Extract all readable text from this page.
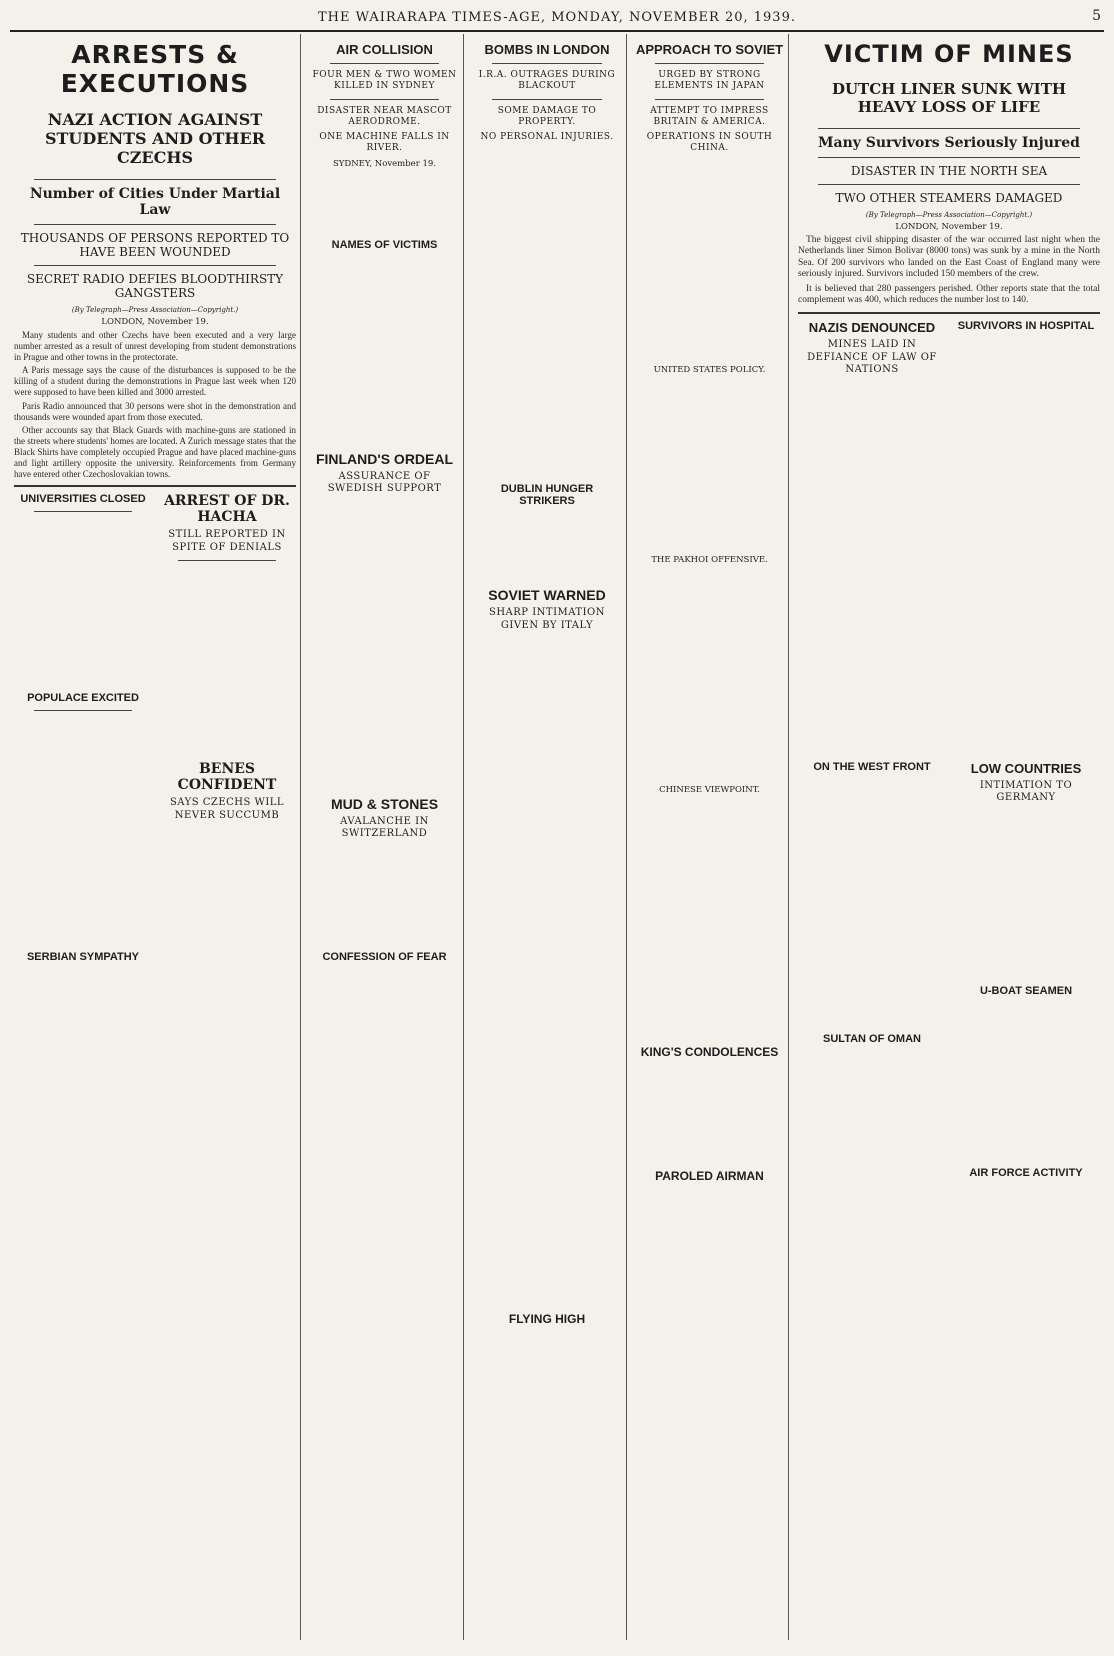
THE WAIRARAPA TIMES-AGE, MONDAY, NOVEMBER 20, 1939.	5
ARRESTS & EXECUTIONS
NAZI ACTION AGAINST STUDENTS AND OTHER CZECHS
Number of Cities Under Martial Law
THOUSANDS OF PERSONS REPORTED TO HAVE BEEN WOUNDED
SECRET RADIO DEFIES BLOODTHIRSTY GANGSTERS
(By Telegraph—Press Association—Copyright.)
LONDON, November 19.

Many students and other Czechs have been executed and a very large number arrested as a result of unrest developing from student demonstrations in Prague and other towns in the protectorate.

A Paris message says the cause of the disturbances is supposed to be the killing of a student during the demonstrations in Prague last week when 120 were supposed to have been killed and 3000 arrested.

Paris Radio announced that 30 persons were shot in the demonstration and thousands were wounded apart from those executed.

Other accounts say that Black Guards with machine-guns are stationed in the streets where students' homes are located. A Zurich message states that the Black Shirts have completely occupied Prague and have placed machine-guns and light artillery opposite the university. Reinforcements from Germany have entered other Czechoslovakian towns.

UNIVERSITIES CLOSED
POPULACE EXCITED
SERBIAN SYMPATHY
ARREST OF DR. HACHA
STILL REPORTED IN SPITE OF DENIALS
BENES CONFIDENT
SAYS CZECHS WILL NEVER SUCCUMB
AIR COLLISION
FOUR MEN & TWO WOMEN KILLED IN SYDNEY
DISASTER NEAR MASCOT AERODROME.
ONE MACHINE FALLS IN RIVER.
SYDNEY, November 19.
NAMES OF VICTIMS
FINLAND'S ORDEAL
ASSURANCE OF SWEDISH SUPPORT
MUD & STONES
AVALANCHE IN SWITZERLAND
CONFESSION OF FEAR
BOMBS IN LONDON
I.R.A. OUTRAGES DURING BLACKOUT
SOME DAMAGE TO PROPERTY.
NO PERSONAL INJURIES.
DUBLIN HUNGER STRIKERS
SOVIET WARNED
SHARP INTIMATION GIVEN BY ITALY
FLYING HIGH
APPROACH TO SOVIET
URGED BY STRONG ELEMENTS IN JAPAN
ATTEMPT TO IMPRESS BRITAIN & AMERICA.
OPERATIONS IN SOUTH CHINA.
UNITED STATES POLICY.
THE PAKHOI OFFENSIVE.
CHINESE VIEWPOINT.
KING'S CONDOLENCES
PAROLED AIRMAN
VICTIM OF MINES
DUTCH LINER SUNK WITH HEAVY LOSS OF LIFE
Many Survivors Seriously Injured
DISASTER IN THE NORTH SEA
TWO OTHER STEAMERS DAMAGED
(By Telegraph—Press Association—Copyright.)
LONDON, November 19.

The biggest civil shipping disaster of the war occurred last night when the Netherlands liner Simon Bolivar (8000 tons) was sunk by a mine in the North Sea. Of 200 survivors who landed on the East Coast of England many were seriously injured. Survivors included 150 members of the crew.

It is believed that 280 passengers perished. Other reports state that the total complement was 400, which reduces the number lost to 140.

NAZIS DENOUNCED
MINES LAID IN DEFIANCE OF LAW OF NATIONS
SURVIVORS IN HOSPITAL
ON THE WEST FRONT
SULTAN OF OMAN
LOW COUNTRIES
INTIMATION TO GERMANY
U-BOAT SEAMEN
AIR FORCE ACTIVITY
